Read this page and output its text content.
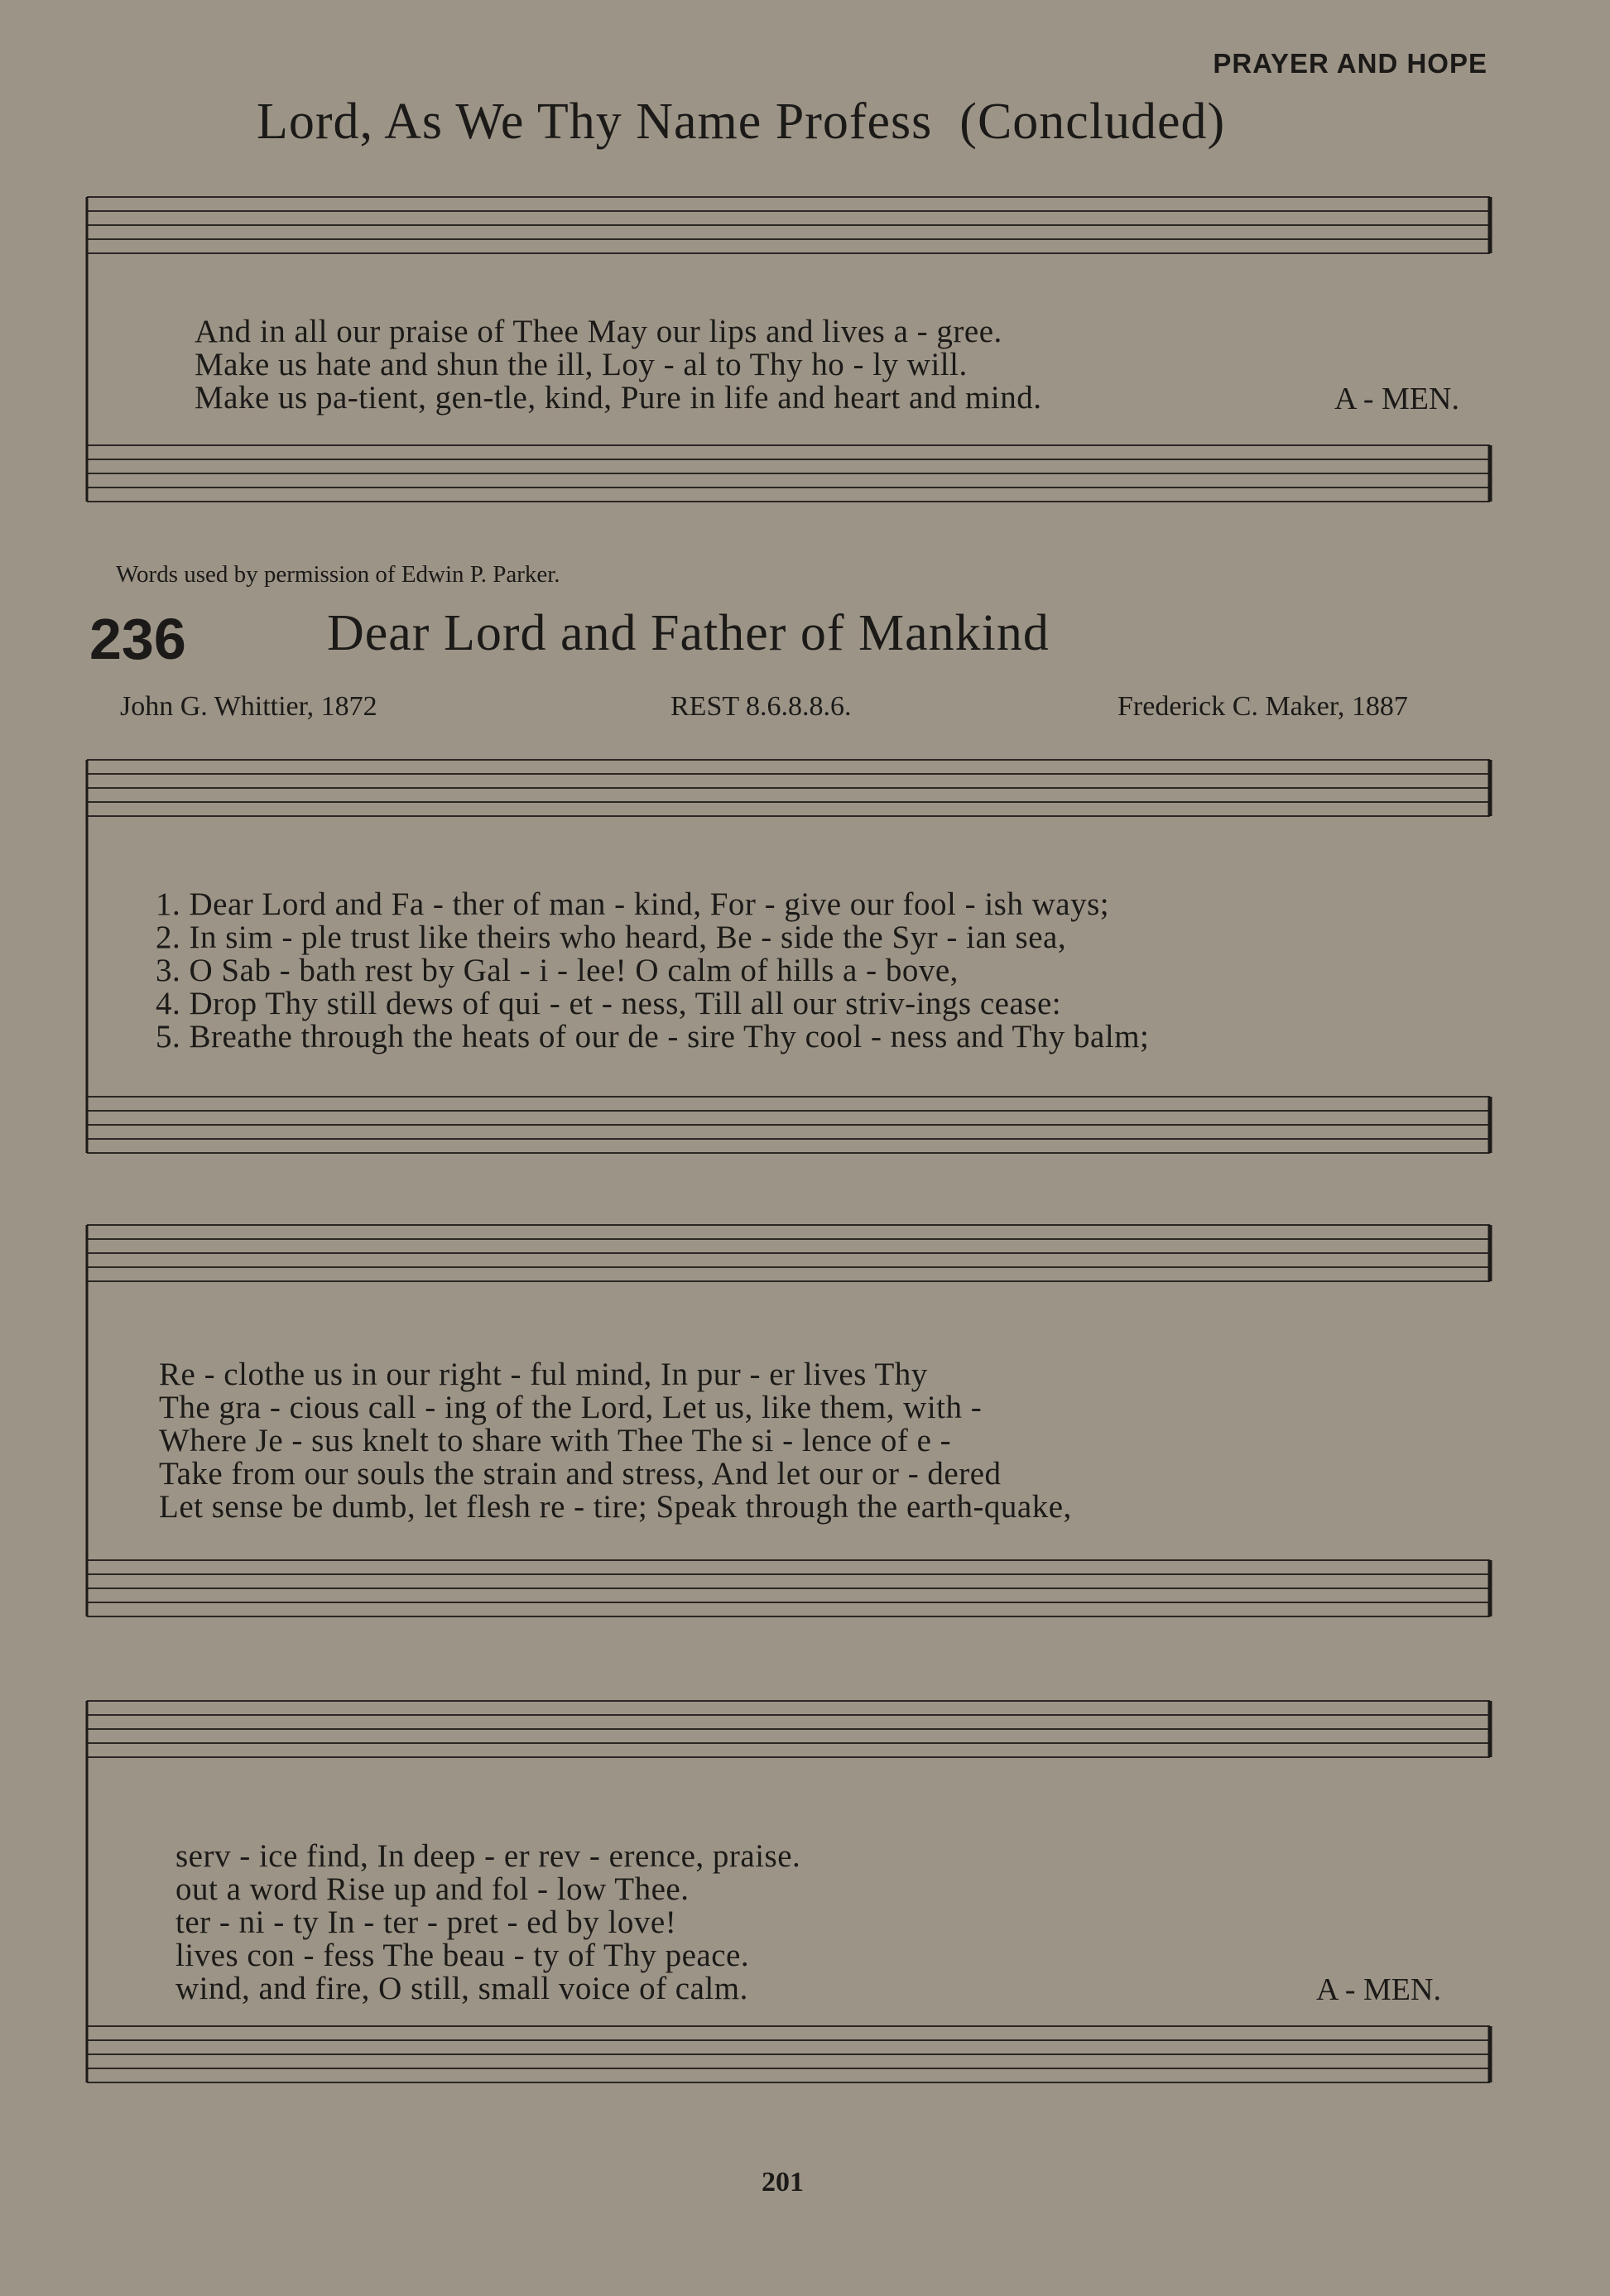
PRAYER AND HOPE
Lord, As We Thy Name Profess (Concluded)
And in all our praise of Thee May our lips and lives a - gree.
Make us hate and shun the ill, Loy - al to Thy ho - ly will.
Make us pa-tient, gen-tle, kind, Pure in life and heart and mind.	A - MEN.
Words used by permission of Edwin P. Parker.
236	Dear Lord and Father of Mankind
John G. Whittier, 1872	REST 8.6.8.8.6.	Frederick C. Maker, 1887
1. Dear Lord and Fa - ther of man - kind, For - give our fool - ish ways;
2. In sim - ple trust like theirs who heard, Be - side the Syr - ian sea,
3. O Sab - bath rest by Gal - i - lee! O calm of hills a - bove,
4. Drop Thy still dews of qui - et - ness, Till all our striv-ings cease:
5. Breathe through the heats of our de - sire Thy cool - ness and Thy balm;
Re - clothe us in our right - ful mind, In pur - er lives Thy
The gra - cious call - ing of the Lord, Let us, like them, with -
Where Je - sus knelt to share with Thee The si - lence of e -
Take from our souls the strain and stress, And let our or - dered
Let sense be dumb, let flesh re - tire; Speak through the earth-quake,
serv - ice find, In deep - er rev - erence, praise.
out a word Rise up and fol - low Thee.
ter - ni - ty In - ter - pret - ed by love!
lives con - fess The beau - ty of Thy peace.
wind, and fire, O still, small voice of calm.	A - MEN.
201
